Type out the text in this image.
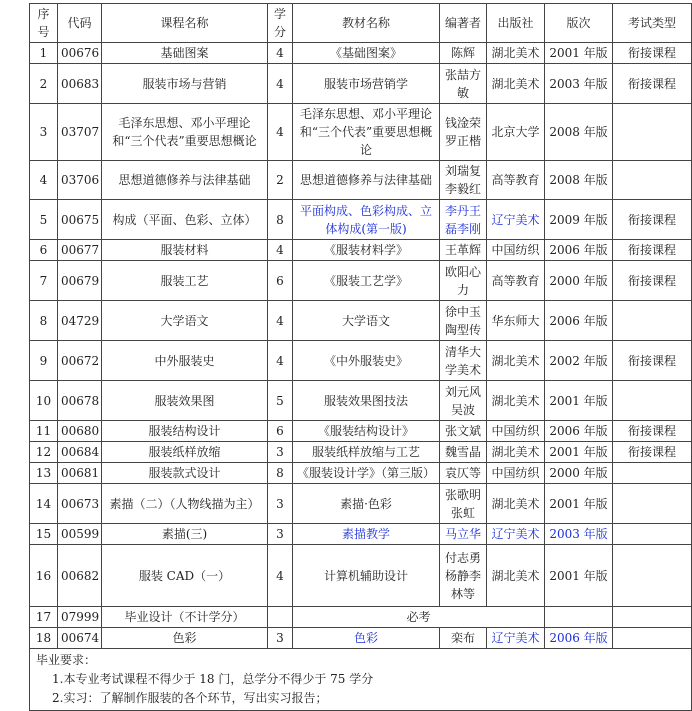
序号	代码	课程名称	学分	教材名称	编著者	出版社	版次	考试类型
1	00676	基础图案	4	《基础图案》	陈辉	湖北美术	2001 年版	衔接课程
2	00683	服装市场与营销	4	服装市场营销学	张喆方敏	湖北美术	2003 年版	衔接课程
3	03707	毛泽东思想、邓小平理论和“三个代表”重要思想概论	4	毛泽东思想、邓小平理论和“三个代表”重要思想概论	钱淦荣罗正楷	北京大学	2008 年版	
4	03706	思想道德修养与法律基础	2	思想道德修养与法律基础	刘瑞复李毅红	高等教育	2008 年版	
5	00675	构成（平面、色彩、立体）	8	平面构成、色彩构成、立体构成(第一版)	李丹王磊李刚	辽宁美术	2009 年版	衔接课程
6	00677	服装材料	4	《服装材料学》	王革辉	中国纺织	2006 年版	衔接课程
7	00679	服装工艺	6	《服装工艺学》	欧阳心力	高等教育	2000 年版	衔接课程
8	04729	大学语文	4	大学语文	徐中玉陶型传	华东师大	2006 年版	
9	00672	中外服装史	4	《中外服装史》	清华大学美术	湖北美术	2002 年版	衔接课程
10	00678	服装效果图	5	服装效果图技法	刘元风吴波	湖北美术	2001 年版	
11	00680	服装结构设计	6	《服装结构设计》	张文斌	中国纺织	2006 年版	衔接课程
12	00684	服装纸样放缩	3	服装纸样放缩与工艺	魏雪晶	湖北美术	2001 年版	衔接课程
13	00681	服装款式设计	8	《服装设计学》（第三版）	袁仄等	中国纺织	2000 年版	
14	00673	素描（二）（人物线描为主）	3	素描·色彩	张歌明张虹	湖北美术	2001 年版	
15	00599	素描(三)	3	素描教学	马立华	辽宁美术	2003 年版	
16	00682	服装 CAD（一）	4	计算机辅助设计	付志勇杨静李林等	湖北美术	2001 年版	
17	07999	毕业设计（不计学分）		必考				
18	00674	色彩	3	色彩	栾布	辽宁美术	2006 年版	

毕业要求：
1.本专业考试课程不得少于 18 门，总学分不得少于 75 学分
2.实习：了解制作服装的各个环节，写出实习报告；								
